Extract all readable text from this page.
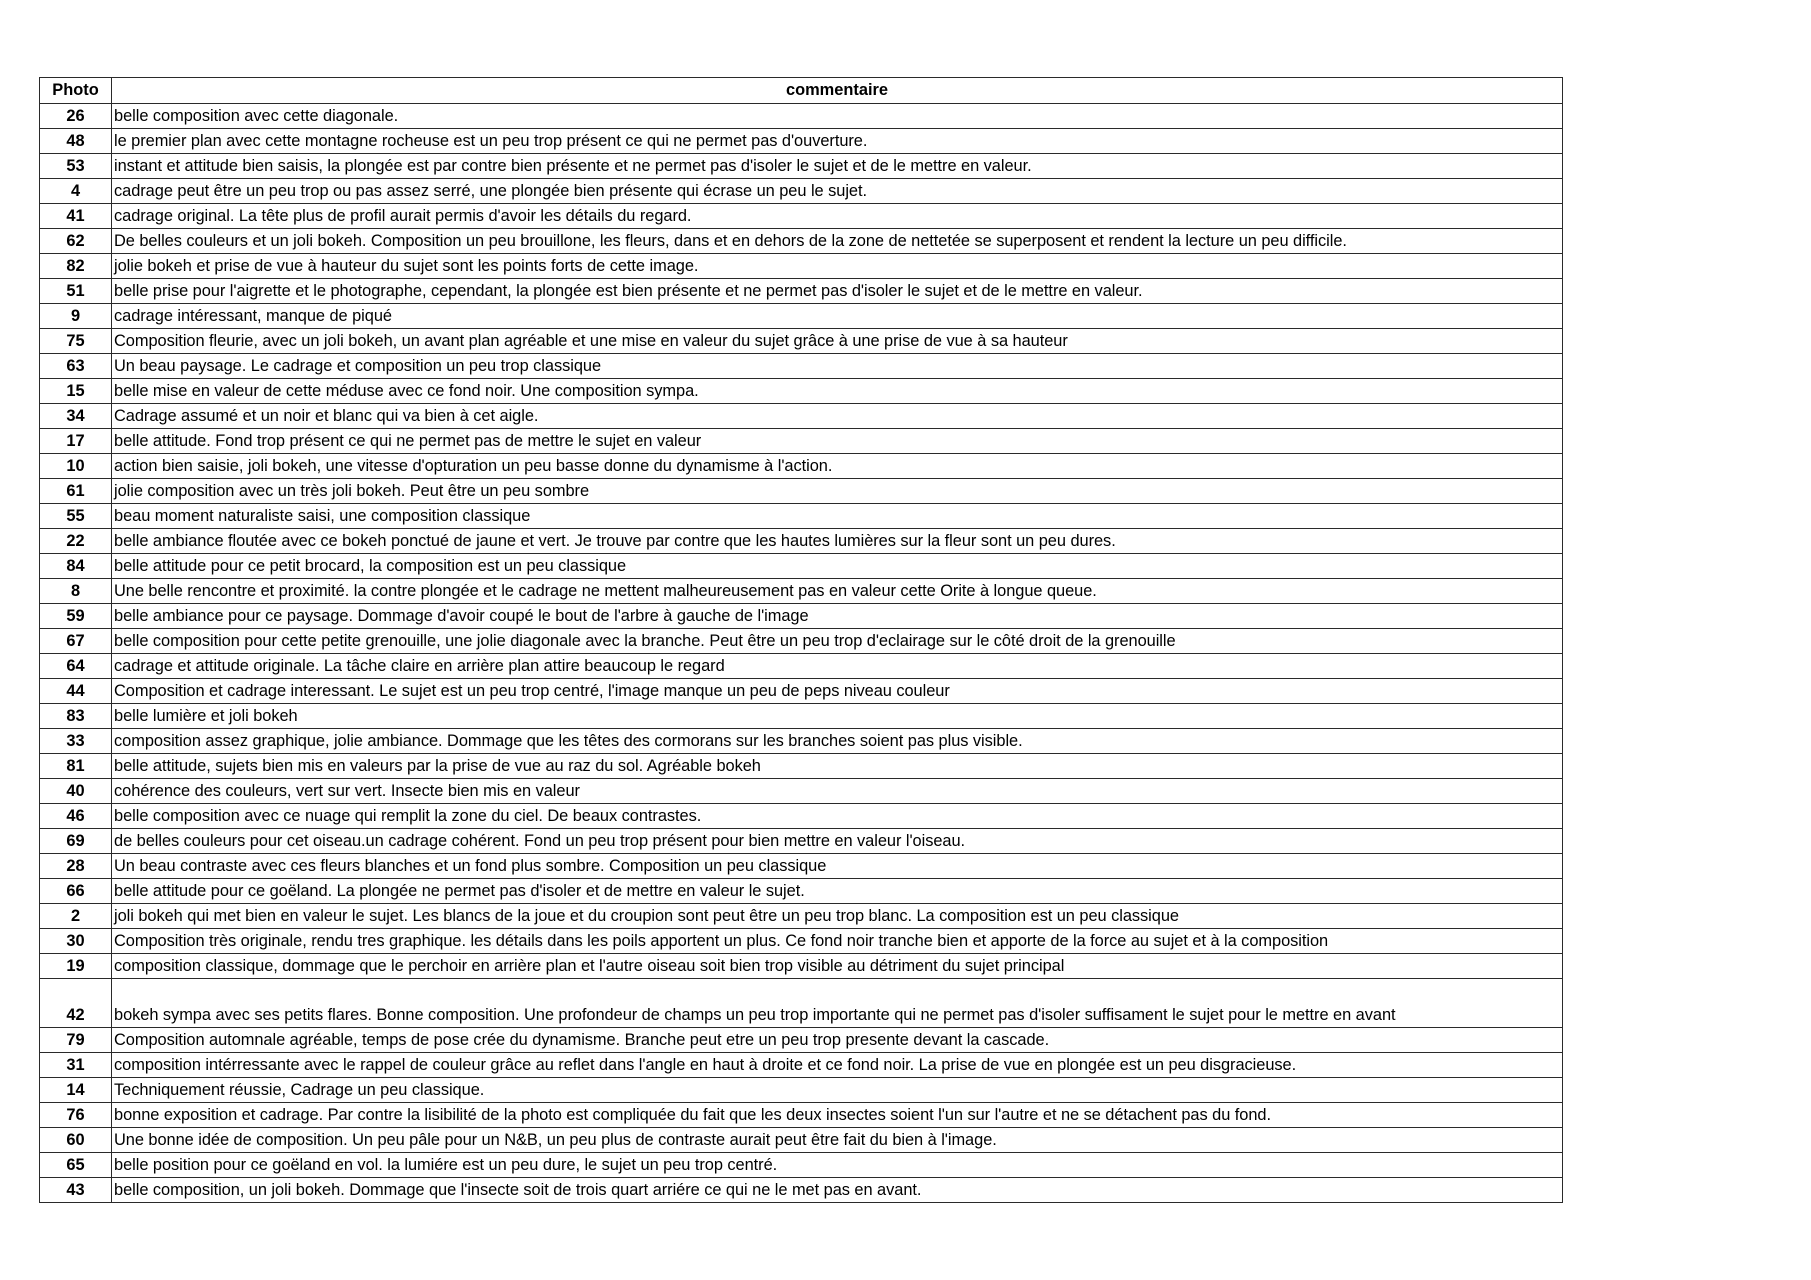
Photo	commentaire
26	belle composition avec cette diagonale.
48	le premier plan avec cette montagne rocheuse est un peu trop présent ce qui ne permet pas d'ouverture.
53	instant et attitude bien saisis, la plongée est par contre bien présente et ne permet pas d'isoler le sujet et de le mettre en valeur.
4	cadrage peut être un peu trop ou pas assez serré, une plongée bien présente qui écrase un peu le sujet.
41	cadrage original. La tête plus de profil aurait permis d'avoir les détails du regard.
62	De belles couleurs et un joli bokeh. Composition un peu brouillone, les fleurs, dans et en dehors de la zone de nettetée se superposent et rendent la lecture un peu difficile.
82	jolie bokeh et prise de vue à hauteur du sujet sont les points forts de cette image.
51	belle prise pour l'aigrette et le photographe, cependant, la plongée est bien présente et ne permet pas d'isoler le sujet et de le mettre en valeur.
9	cadrage intéressant, manque de piqué
75	Composition fleurie, avec un joli bokeh, un avant plan agréable et une mise en valeur du sujet grâce à une prise de vue à sa hauteur
63	Un beau paysage. Le cadrage et composition un peu trop classique
15	belle mise en valeur de cette méduse avec ce fond noir. Une composition sympa.
34	Cadrage assumé et un noir et blanc qui va bien à cet aigle.
17	belle attitude. Fond trop présent ce qui ne permet pas de mettre le sujet en valeur
10	action bien saisie, joli bokeh, une vitesse d'opturation un peu basse donne du dynamisme à l'action.
61	jolie composition avec un très joli bokeh. Peut être un peu sombre
55	beau moment naturaliste saisi, une composition classique
22	belle ambiance floutée avec ce bokeh ponctué de jaune et vert. Je trouve par contre que les hautes lumières sur la fleur sont un peu dures.
84	belle attitude pour ce petit brocard, la composition est un peu classique
8	Une belle rencontre et proximité. la contre plongée et le cadrage ne mettent malheureusement pas en valeur cette Orite à longue queue.
59	belle ambiance pour ce paysage. Dommage d'avoir coupé le bout de l'arbre à gauche de l'image
67	belle composition pour cette petite grenouille, une jolie diagonale avec la branche. Peut être un peu trop d'eclairage sur le côté droit de la grenouille
64	cadrage et attitude originale. La tâche claire en arrière plan attire beaucoup le regard
44	Composition et cadrage interessant. Le sujet est un peu trop centré, l'image manque un peu de peps niveau couleur
83	belle lumière et joli bokeh
33	composition assez graphique, jolie ambiance. Dommage que les têtes des cormorans sur les branches soient pas plus visible.
81	belle attitude, sujets bien mis en valeurs par la prise de vue au raz du sol. Agréable bokeh
40	cohérence des couleurs, vert sur vert. Insecte bien mis en valeur
46	belle composition avec ce nuage qui remplit la zone du ciel. De beaux contrastes.
69	de belles couleurs pour cet oiseau.un cadrage cohérent. Fond un peu trop présent pour bien mettre en valeur l'oiseau.
28	Un beau contraste avec ces fleurs blanches et un fond plus sombre. Composition un peu classique
66	belle attitude pour ce goëland. La plongée ne permet pas d'isoler et de mettre en valeur le sujet.
2	joli bokeh qui met bien en valeur le sujet. Les blancs de la joue et du croupion sont peut être un peu trop blanc. La composition est un peu classique
30	Composition très originale, rendu tres graphique. les détails dans les poils apportent un plus. Ce fond noir tranche bien et apporte de la force au sujet et à la composition
19	composition classique, dommage que le perchoir en arrière plan et l'autre oiseau soit bien trop visible au détriment du sujet principal
42	bokeh sympa avec ses petits flares. Bonne composition. Une profondeur de champs un peu trop importante qui ne permet pas d'isoler suffisament le sujet pour le mettre en avant
79	Composition automnale agréable, temps de pose crée du dynamisme. Branche peut etre un peu trop presente devant la cascade.
31	composition intérressante avec le rappel de couleur grâce au reflet dans l'angle en haut à droite et ce fond noir. La prise de vue en plongée est un peu disgracieuse.
14	Techniquement réussie, Cadrage un peu classique.
76	bonne exposition et cadrage. Par contre la lisibilité de la photo est compliquée du fait que les deux insectes soient l'un sur l'autre et ne se détachent pas du fond.
60	Une bonne idée de composition. Un peu pâle pour un N&B, un peu plus de contraste aurait peut être fait du bien à l'image.
65	belle position pour ce goëland en vol. la lumiére est un peu dure, le sujet un peu trop centré.
43	belle composition, un joli bokeh. Dommage que l'insecte soit de trois quart arriére ce qui ne le met pas en avant.
